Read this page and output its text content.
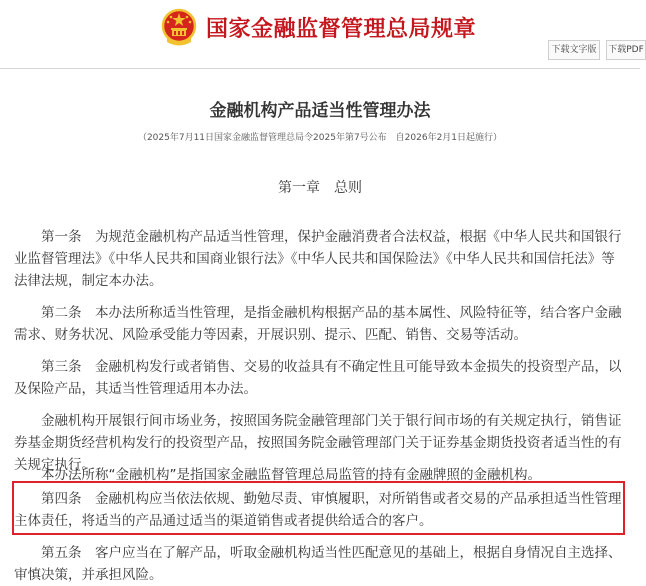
国家金融监督管理总局规章
下载文字版	下载PDF
金融机构产品适当性管理办法
（2025年7月11日国家金融监督管理总局令2025年第7号公布　自2026年2月1日起施行）
第一章　总则
第一条　为规范金融机构产品适当性管理，保护金融消费者合法权益，根据《中华人民共和国银行业监督管理法》《中华人民共和国商业银行法》《中华人民共和国保险法》《中华人民共和国信托法》等法律法规，制定本办法。
第二条　本办法所称适当性管理，是指金融机构根据产品的基本属性、风险特征等，结合客户金融需求、财务状况、风险承受能力等因素，开展识别、提示、匹配、销售、交易等活动。
第三条　金融机构发行或者销售、交易的收益具有不确定性且可能导致本金损失的投资型产品，以及保险产品，其适当性管理适用本办法。
金融机构开展银行间市场业务，按照国务院金融管理部门关于银行间市场的有关规定执行，销售证券基金期货经营机构发行的投资型产品，按照国务院金融管理部门关于证券基金期货投资者适当性的有关规定执行。
本办法所称“金融机构”是指国家金融监督管理总局监管的持有金融牌照的金融机构。
第四条　金融机构应当依法依规、勤勉尽责、审慎履职，对所销售或者交易的产品承担适当性管理主体责任，将适当的产品通过适当的渠道销售或者提供给适合的客户。
第五条　客户应当在了解产品，听取金融机构适当性匹配意见的基础上，根据自身情况自主选择、审慎决策，并承担风险。
